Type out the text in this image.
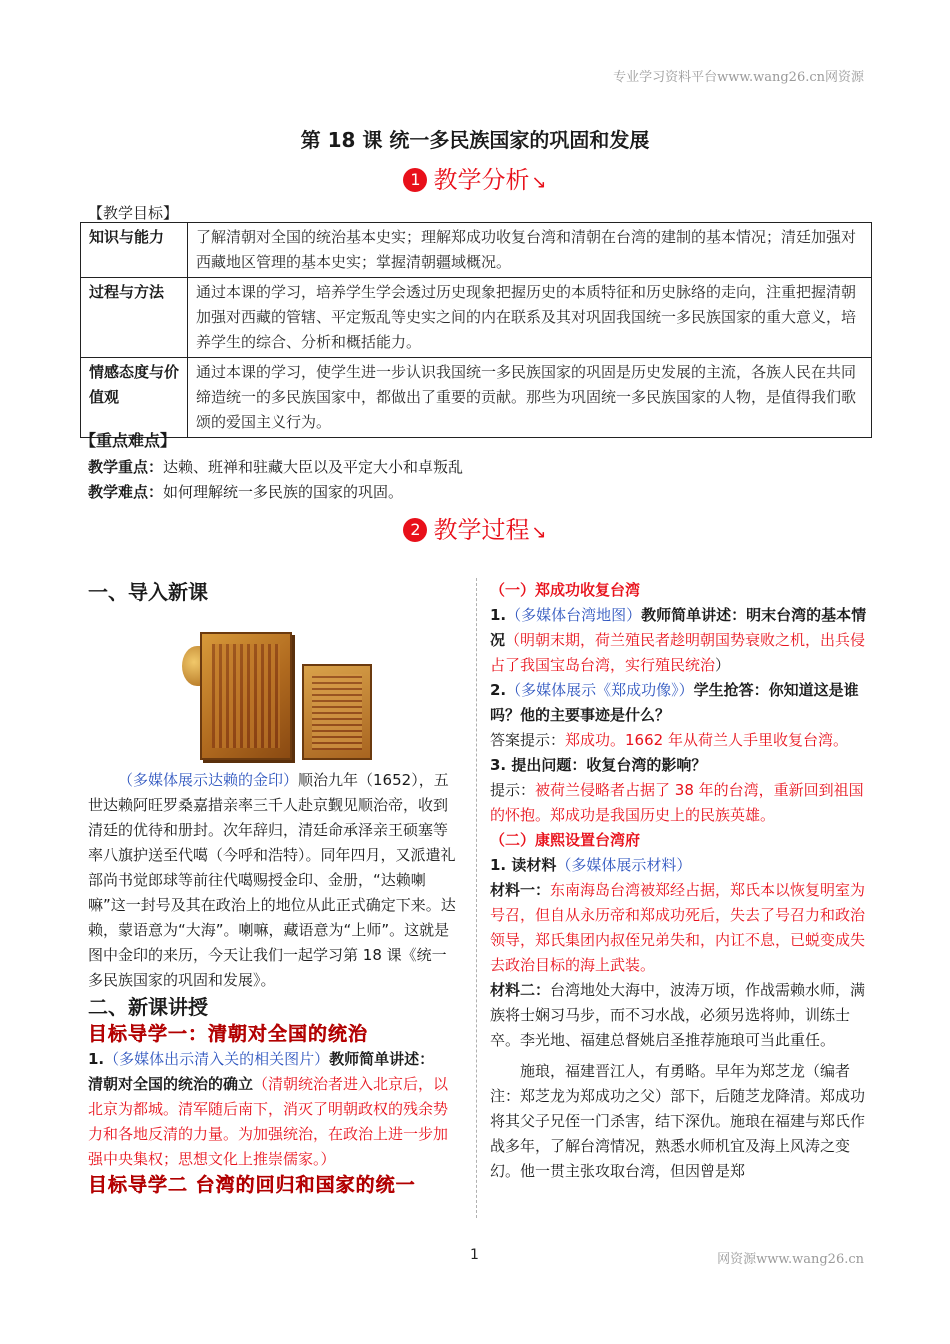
专业学习资料平台www.wang26.cn网资源
第 18 课 统一多民族国家的巩固和发展
1 教学分析 ↘
【教学目标】
知识与能力	了解清朝对全国的统治基本史实；理解郑成功收复台湾和清朝在台湾的建制的基本情况；清廷加强对西藏地区管理的基本史实；掌握清朝疆域概况。
过程与方法	通过本课的学习，培养学生学会透过历史现象把握历史的本质特征和历史脉络的走向，注重把握清朝加强对西藏的管辖、平定叛乱等史实之间的内在联系及其对巩固我国统一多民族国家的重大意义，培养学生的综合、分析和概括能力。
情感态度与价值观	通过本课的学习，使学生进一步认识我国统一多民族国家的巩固是历史发展的主流，各族人民在共同缔造统一的多民族国家中，都做出了重要的贡献。那些为巩固统一多民族国家的人物，是值得我们歌颂的爱国主义行为。
【重点难点】
教学重点：达赖、班禅和驻藏大臣以及平定大小和卓叛乱
教学难点：如何理解统一多民族的国家的巩固。
2 教学过程 ↘
一、导入新课

（多媒体展示达赖的金印）顺治九年（1652），五世达赖阿旺罗桑嘉措亲率三千人赴京觐见顺治帝，收到清廷的优待和册封。次年辞归，清廷命承泽亲王硕塞等率八旗护送至代噶（今呼和浩特）。同年四月，又派遣礼部尚书觉郎球等前往代噶赐授金印、金册，“达赖喇嘛”这一封号及其在政治上的地位从此正式确定下来。达赖，蒙语意为“大海”。喇嘛，藏语意为“上师”。这就是图中金印的来历，今天让我们一起学习第 18 课《统一多民族国家的巩固和发展》。

二、新课讲授
目标导学一：清朝对全国的统治

1.（多媒体出示清入关的相关图片）教师简单讲述：

清朝对全国的统治的确立（清朝统治者进入北京后，以北京为都城。清军随后南下，消灭了明朝政权的残余势力和各地反清的力量。为加强统治，在政治上进一步加强中央集权；思想文化上推崇儒家。）

目标导学二 台湾的回归和国家的统一
（一）郑成功收复台湾

1.（多媒体台湾地图）教师简单讲述：明末台湾的基本情况（明朝末期，荷兰殖民者趁明朝国势衰败之机，出兵侵占了我国宝岛台湾，实行殖民统治）

2.（多媒体展示《郑成功像》）学生抢答：你知道这是谁吗？他的主要事迹是什么？

答案提示：郑成功。1662 年从荷兰人手里收复台湾。

3. 提出问题：收复台湾的影响？

提示：被荷兰侵略者占据了 38 年的台湾，重新回到祖国的怀抱。郑成功是我国历史上的民族英雄。

（二）康熙设置台湾府

1. 读材料（多媒体展示材料）

材料一：东南海岛台湾被郑经占据，郑氏本以恢复明室为号召，但自从永历帝和郑成功死后，失去了号召力和政治领导，郑氏集团内叔侄兄弟失和，内讧不息，已蜕变成失去政治目标的海上武装。

材料二：台湾地处大海中，波涛万顷，作战需赖水师，满族将士娴习马步，而不习水战，必须另选将帅，训练士卒。李光地、福建总督姚启圣推荐施琅可当此重任。

施琅，福建晋江人，有勇略。早年为郑芝龙（编者注：郑芝龙为郑成功之父）部下，后随芝龙降清。郑成功将其父子兄侄一门杀害，结下深仇。施琅在福建与郑氏作战多年，了解台湾情况，熟悉水师机宜及海上风涛之变幻。他一贯主张攻取台湾，但因曾是郑

1	网资源www.wang26.cn
